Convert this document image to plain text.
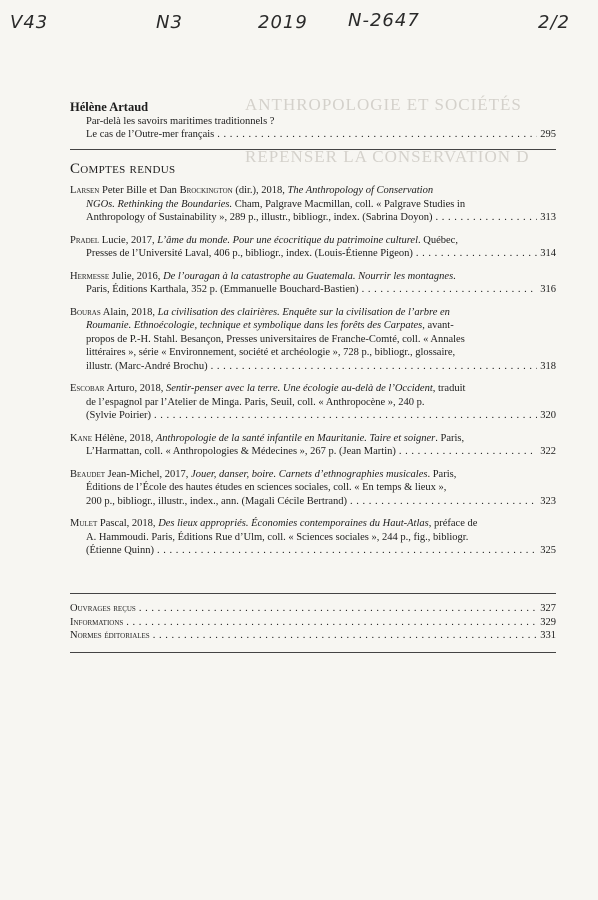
V43	N3	2019 N-2647	2/2
ANTHROPOLOGIE ET SOCIÉTÉS
REPENSER LA CONSERVATION D
Hélène Artaud
Par-delà les savoirs maritimes traditionnels ?
Le cas de l’Outre-mer français . . .	295
Comptes rendus
Larsen Peter Bille et Dan Brockington (dir.), 2018, The Anthropology of Conservation
NGOs. Rethinking the Boundaries. Cham, Palgrave Macmillan, coll. « Palgrave Studies in
Anthropology of Sustainability », 289 p., illustr., bibliogr., index. (Sabrina Doyon) . . .	313
Pradel Lucie, 2017, L’âme du monde. Pour une écocritique du patrimoine culturel. Québec,
Presses de l’Université Laval, 406 p., bibliogr., index. (Louis-Étienne Pigeon) . . .	314
Hermesse Julie, 2016, De l’ouragan à la catastrophe au Guatemala. Nourrir les montagnes.
Paris, Éditions Karthala, 352 p. (Emmanuelle Bouchard-Bastien) . . .	316
Bouras Alain, 2018, La civilisation des clairières. Enquête sur la civilisation de l’arbre en
Roumanie. Ethnoécologie, technique et symbolique dans les forêts des Carpates, avant-
propos de P.-H. Stahl. Besançon, Presses universitaires de Franche-Comté, coll. « Annales
littéraires », série « Environnement, société et archéologie », 728 p., bibliogr., glossaire,
illustr. (Marc-André Brochu) . . .	318
Escobar Arturo, 2018, Sentir-penser avec la terre. Une écologie au-delà de l’Occident, traduit
de l’espagnol par l’Atelier de Minga. Paris, Seuil, coll. « Anthropocène », 240 p.
(Sylvie Poirier) . . .	320
Kane Hélène, 2018, Anthropologie de la santé infantile en Mauritanie. Taire et soigner. Paris,
L’Harmattan, coll. « Anthropologies & Médecines », 267 p. (Jean Martin) . . .	322
Beaudet Jean-Michel, 2017, Jouer, danser, boire. Carnets d’ethnographies musicales. Paris,
Éditions de l’École des hautes études en sciences sociales, coll. « En temps & lieux »,
200 p., bibliogr., illustr., index., ann. (Magali Cécile Bertrand) . . .	323
Mulet Pascal, 2018, Des lieux appropriés. Économies contemporaines du Haut-Atlas, préface de
A. Hammoudi. Paris, Éditions Rue d’Ulm, coll. « Sciences sociales », 244 p., fig., bibliogr.
(Étienne Quinn) . . .	325
Ouvrages reçus . . .	327
Informations . . .	329
Normes éditoriales . . .	331
